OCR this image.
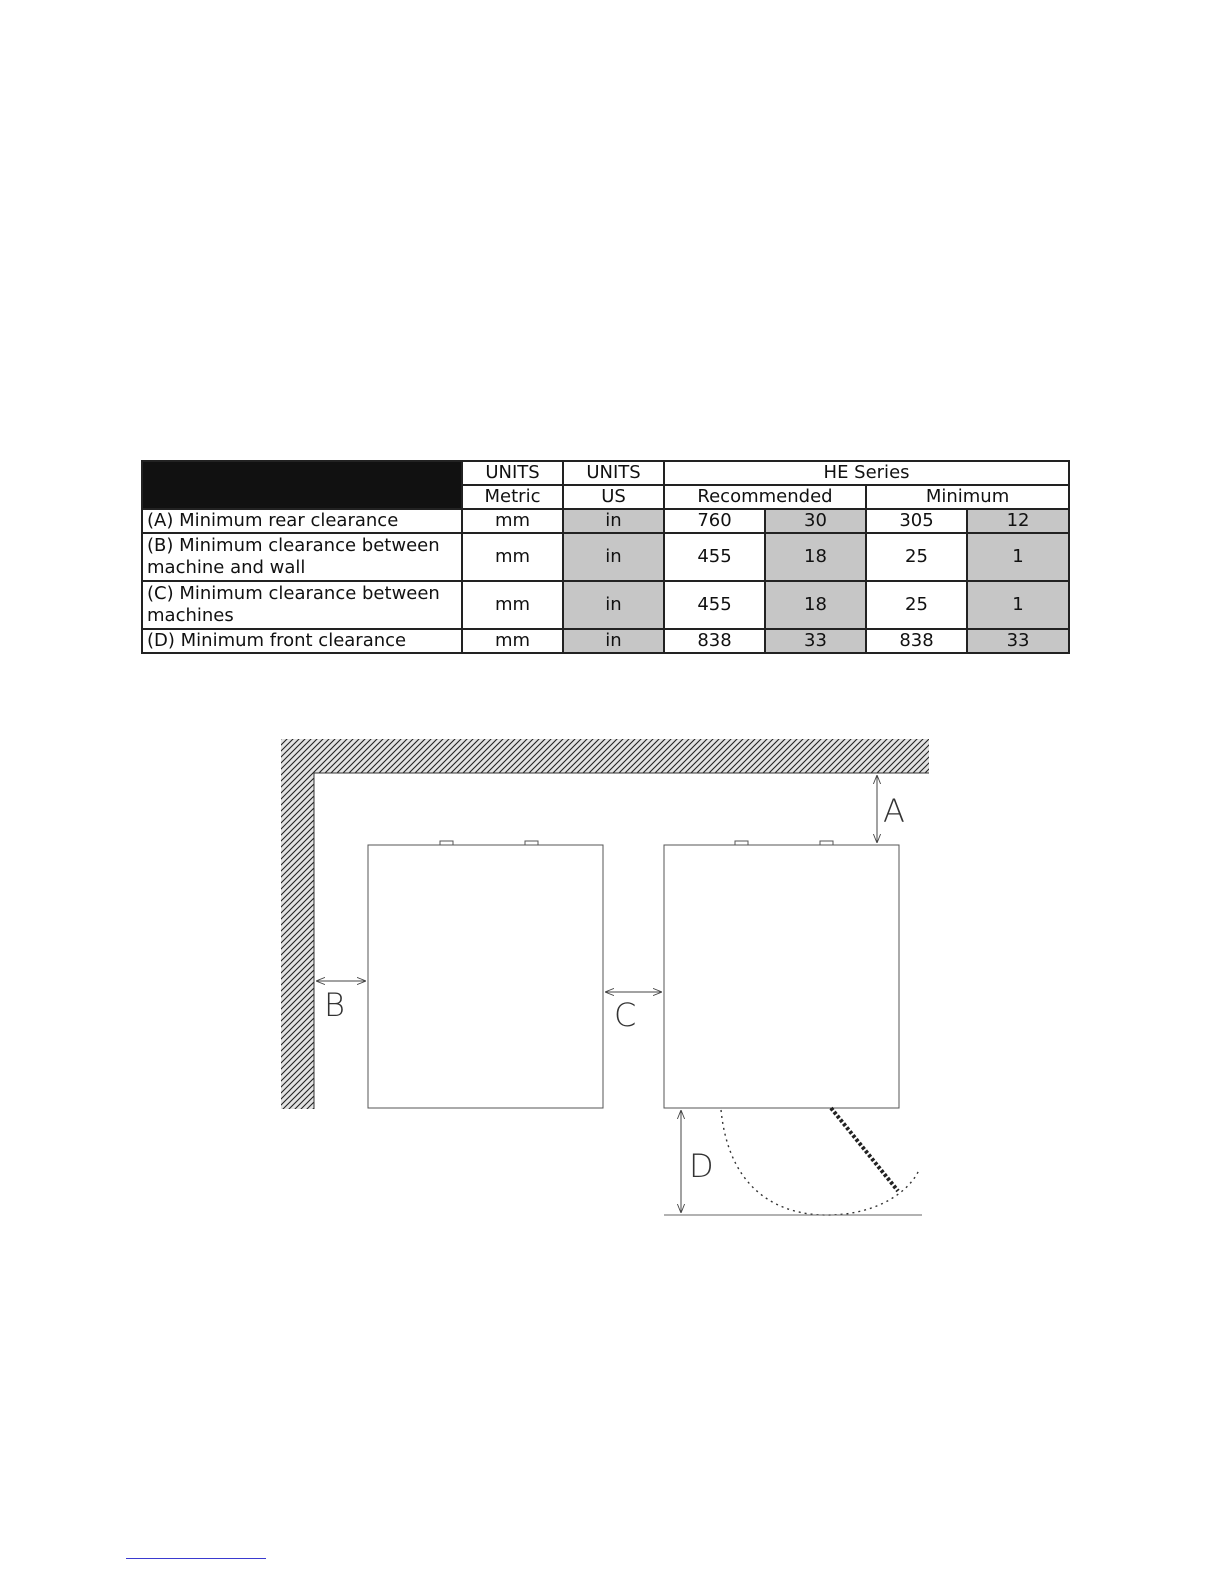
	UNITS	UNITS	HE Series			
	Metric	US	Recommended		Minimum	
(A) Minimum rear clearance	mm	in	760	30	305	12
(B) Minimum clearance between machine and wall	mm	in	455	18	25	1
(C) Minimum clearance between machines	mm	in	455	18	25	1
(D) Minimum front clearance	mm	in	838	33	838	33
A
B	C
D
